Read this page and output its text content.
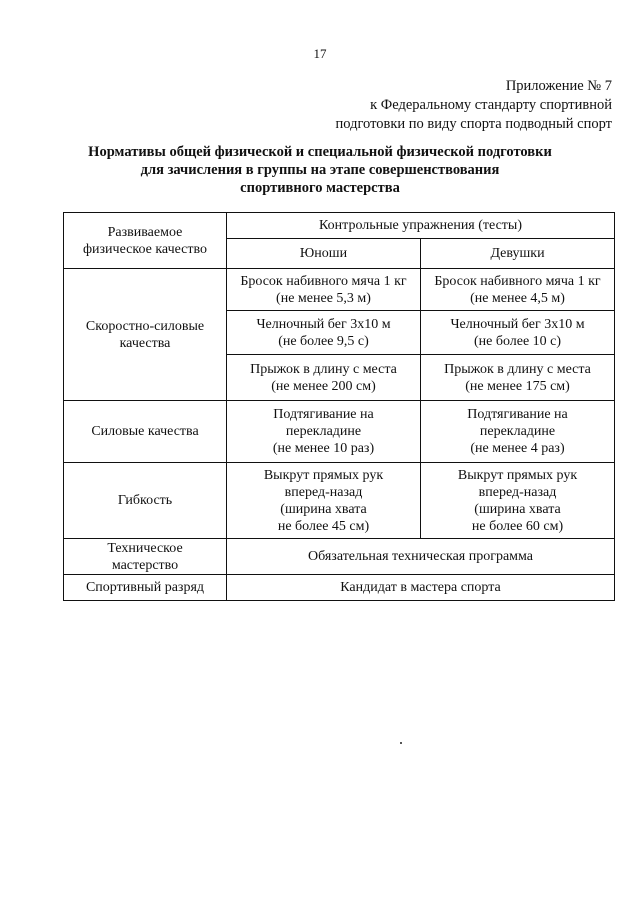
17
Приложение № 7
к Федеральному стандарту спортивной
подготовки по виду спорта подводный спорт
Нормативы общей физической и специальной физической подготовки
для зачисления в группы на этапе совершенствования
спортивного мастерства
Развиваемое
физическое качество	Контрольные упражнения (тесты)	
	Юноши	Девушки

Скоростно-силовые
качества	Бросок набивного мяча 1 кг
(не менее 5,3 м)	Бросок набивного мяча 1 кг
(не менее 4,5 м)

	Челночный бег 3x10 м
(не более 9,5 с)	Челночный бег 3x10 м
(не более 10 с)

	Прыжок в длину с места
(не менее 200 см)	Прыжок в длину с места
(не менее 175 см)

Силовые качества	Подтягивание на
перекладине
(не менее 10 раз)	Подтягивание на
перекладине
(не менее 4 раз)

Гибкость	Выкрут прямых рук
вперед-назад
(ширина хвата
не более 45 см)	Выкрут прямых рук
вперед-назад
(ширина хвата
не более 60 см)

Техническое
мастерство	Обязательная техническая программа	
Спортивный разряд	Кандидат в мастера спорта	
